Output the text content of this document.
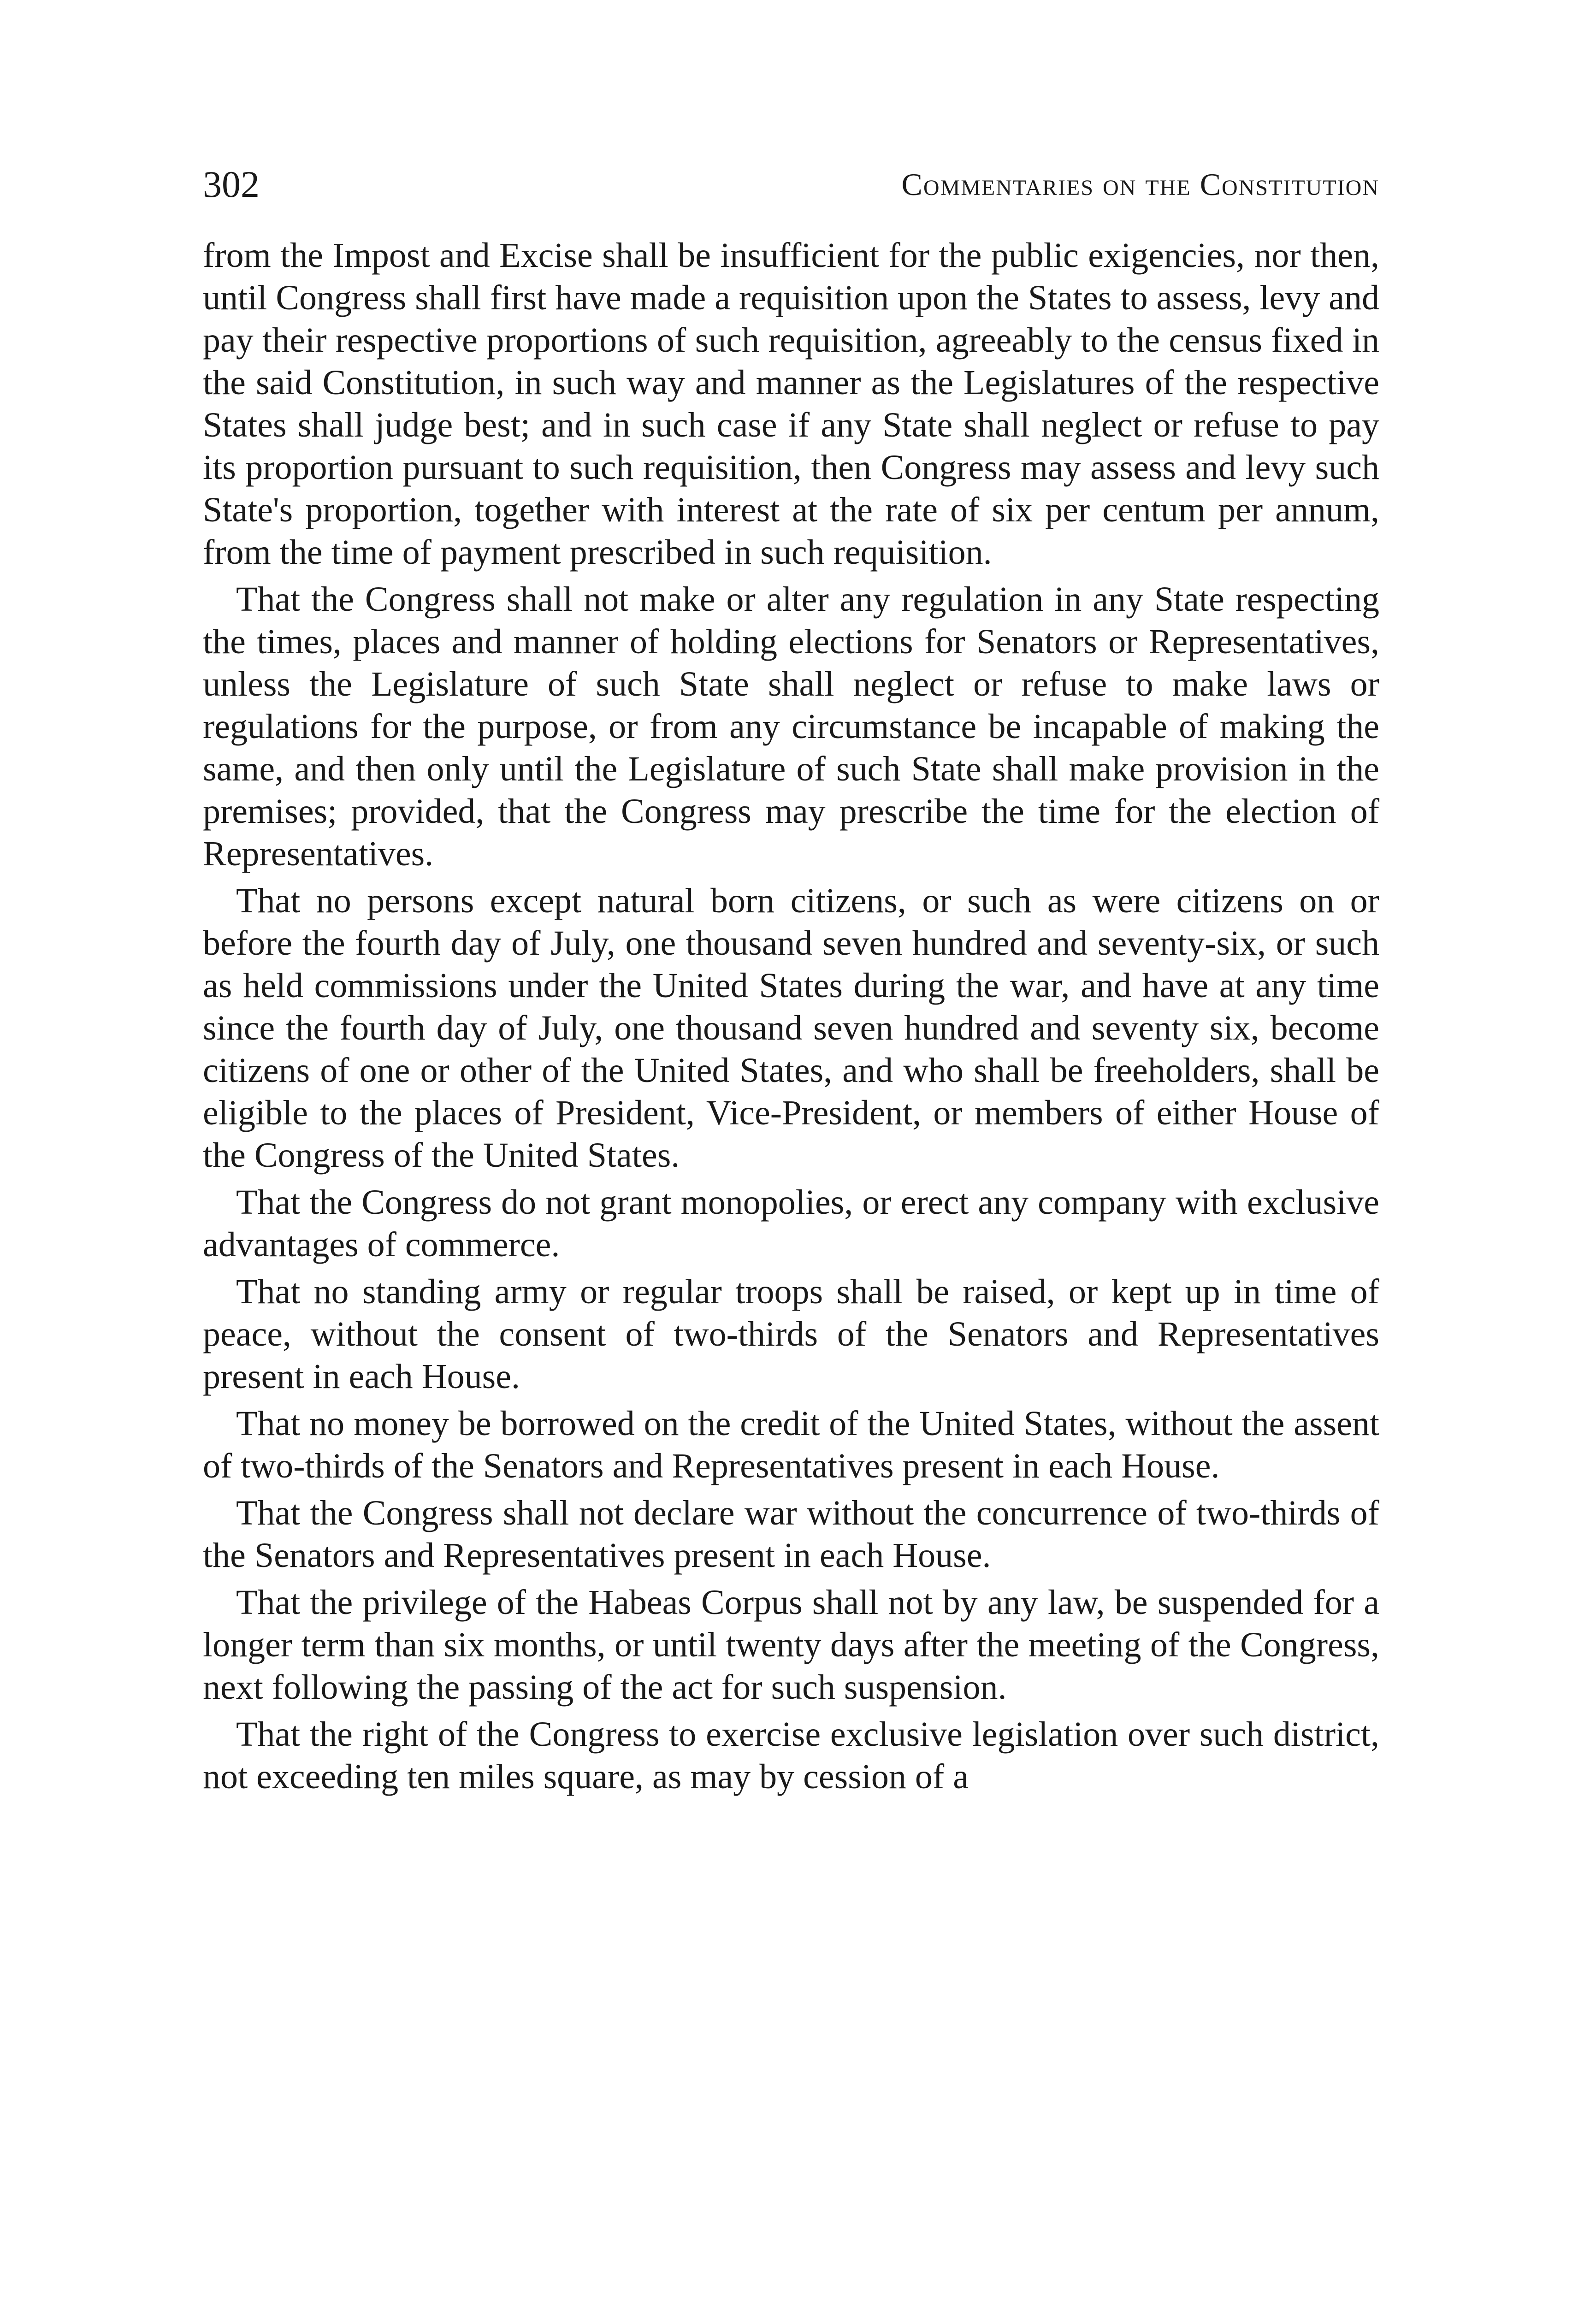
302	Commentaries on the Constitution

from the Impost and Excise shall be insufficient for the public exigencies, nor then, until Congress shall first have made a requisition upon the States to assess, levy and pay their respective proportions of such requisition, agreeably to the census fixed in the said Constitution, in such way and manner as the Legislatures of the respective States shall judge best; and in such case if any State shall neglect or refuse to pay its proportion pursuant to such requisition, then Congress may assess and levy such State's proportion, together with interest at the rate of six per centum per annum, from the time of payment prescribed in such requisition.

That the Congress shall not make or alter any regulation in any State respecting the times, places and manner of holding elections for Senators or Representatives, unless the Legislature of such State shall neglect or refuse to make laws or regulations for the purpose, or from any circumstance be incapable of making the same, and then only until the Legislature of such State shall make provision in the premises; provided, that the Congress may prescribe the time for the election of Representatives.

That no persons except natural born citizens, or such as were citizens on or before the fourth day of July, one thousand seven hundred and seventy-six, or such as held commissions under the United States during the war, and have at any time since the fourth day of July, one thousand seven hundred and seventy six, become citizens of one or other of the United States, and who shall be freeholders, shall be eligible to the places of President, Vice-President, or members of either House of the Congress of the United States.

That the Congress do not grant monopolies, or erect any company with exclusive advantages of commerce.

That no standing army or regular troops shall be raised, or kept up in time of peace, without the consent of two-thirds of the Senators and Representatives present in each House.

That no money be borrowed on the credit of the United States, without the assent of two-thirds of the Senators and Representatives present in each House.

That the Congress shall not declare war without the concurrence of two-thirds of the Senators and Representatives present in each House.

That the privilege of the Habeas Corpus shall not by any law, be suspended for a longer term than six months, or until twenty days after the meeting of the Congress, next following the passing of the act for such suspension.

That the right of the Congress to exercise exclusive legislation over such district, not exceeding ten miles square, as may by cession of a
